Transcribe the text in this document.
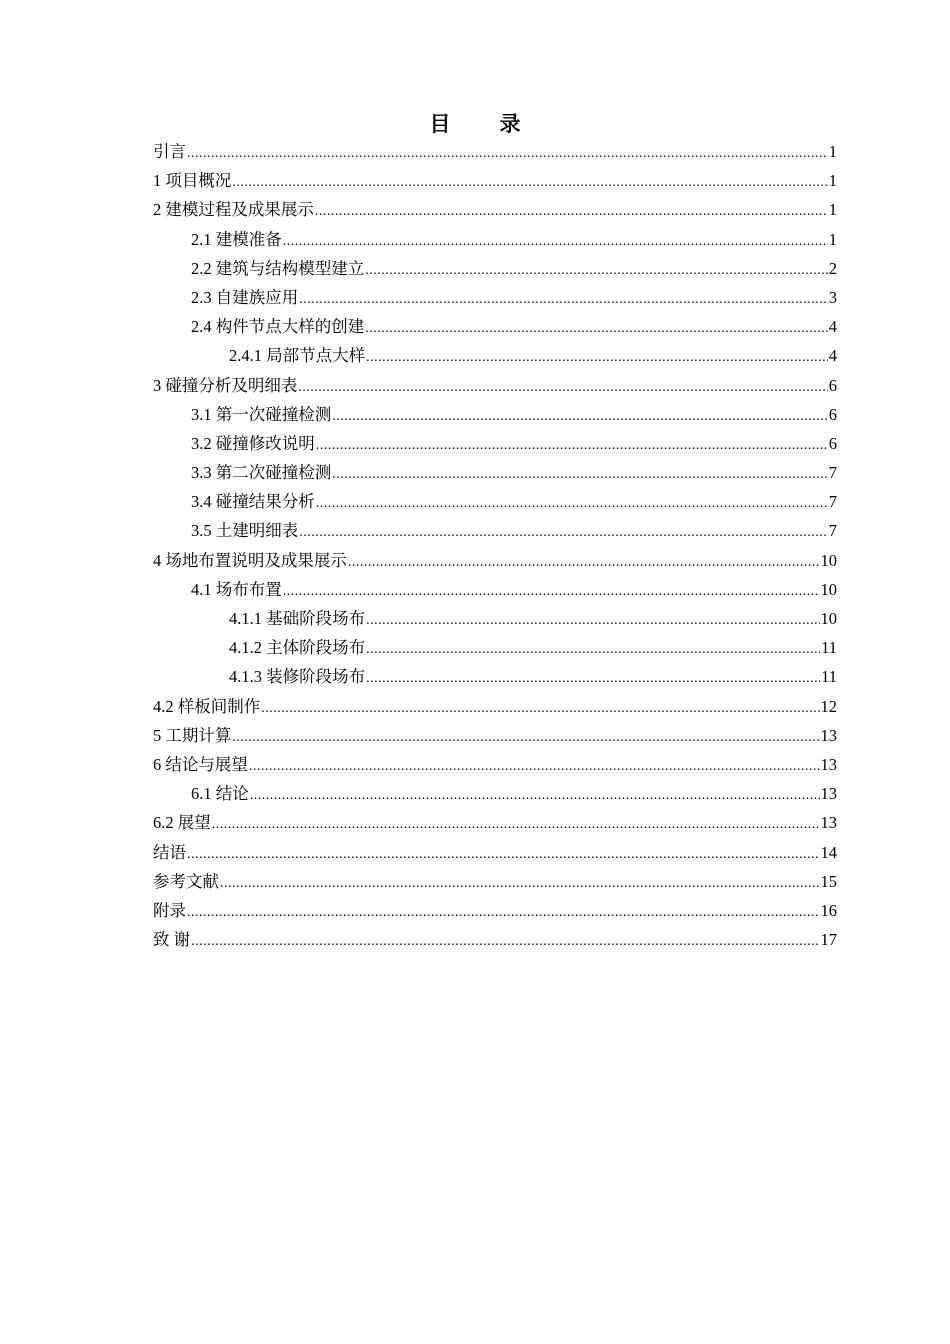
目　录
引言 .....	1
1 项目概况 .....	1
2 建模过程及成果展示 .....	1
2.1 建模准备 .....	1
2.2 建筑与结构模型建立 .....	2
2.3 自建族应用 .....	3
2.4 构件节点大样的创建 .....	4
2.4.1 局部节点大样 .....	4
3 碰撞分析及明细表 .....	6
3.1 第一次碰撞检测 .....	6
3.2 碰撞修改说明 .....	6
3.3 第二次碰撞检测 .....	7
3.4 碰撞结果分析 .....	7
3.5 土建明细表 .....	7
4 场地布置说明及成果展示 .....	10
4.1 场布布置 .....	10
4.1.1 基础阶段场布 .....	10
4.1.2 主体阶段场布 .....	11
4.1.3 装修阶段场布 .....	11
4.2 样板间制作 .....	12
5 工期计算 .....	13
6 结论与展望 .....	13
6.1 结论 .....	13
6.2 展望 .....	13
结语 .....	14
参考文献 .....	15
附录 .....	16
致 谢 .....	17
